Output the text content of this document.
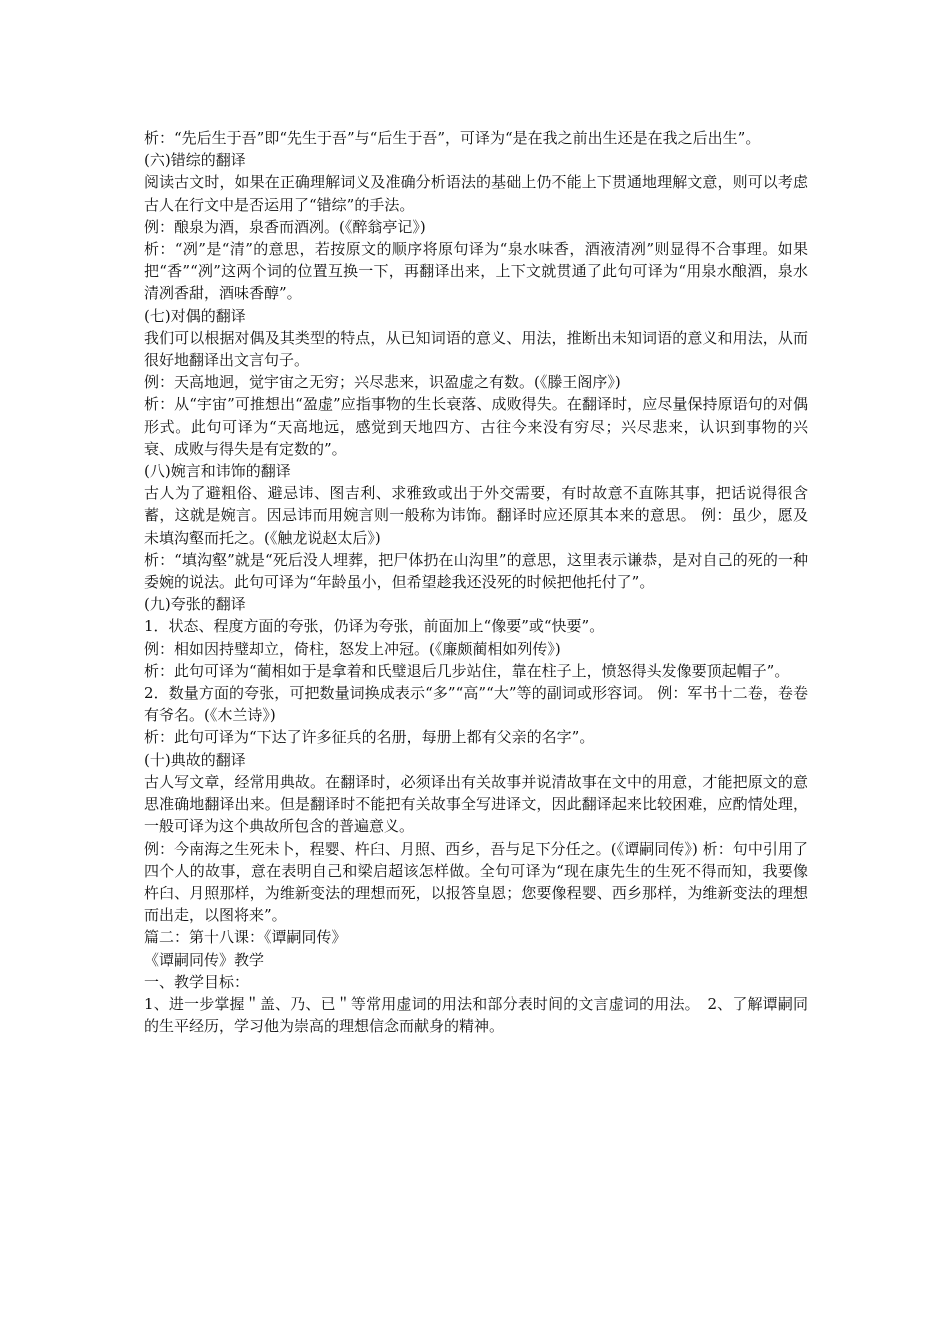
析：“先后生于吾”即“先生于吾”与“后生于吾”，可译为“是在我之前出生还是在我之后出生”。

(六)错综的翻译

阅读古文时，如果在正确理解词义及准确分析语法的基础上仍不能上下贯通地理解文意，则可以考虑古人在行文中是否运用了“错综”的手法。

例：酿泉为酒，泉香而酒冽。(《醉翁亭记》)

析：“冽”是“清”的意思，若按原文的顺序将原句译为“泉水味香，酒液清冽”则显得不合事理。如果把“香”“冽”这两个词的位置互换一下，再翻译出来，上下文就贯通了此句可译为“用泉水酿酒，泉水清冽香甜，酒味香醇”。

(七)对偶的翻译

我们可以根据对偶及其类型的特点，从已知词语的意义、用法，推断出未知词语的意义和用法，从而很好地翻译出文言句子。

例：天高地迥，觉宇宙之无穷；兴尽悲来，识盈虚之有数。(《滕王阁序》)

析：从“宇宙”可推想出“盈虚”应指事物的生长衰落、成败得失。在翻译时，应尽量保持原语句的对偶形式。此句可译为“天高地远，感觉到天地四方、古往今来没有穷尽；兴尽悲来，认识到事物的兴衰、成败与得失是有定数的”。

(八)婉言和讳饰的翻译

古人为了避粗俗、避忌讳、图吉利、求雅致或出于外交需要，有时故意不直陈其事，把话说得很含蓄，这就是婉言。因忌讳而用婉言则一般称为讳饰。翻译时应还原其本来的意思。 例：虽少，愿及未填沟壑而托之。(《触龙说赵太后》)

析：“填沟壑”就是“死后没人埋葬，把尸体扔在山沟里”的意思，这里表示谦恭，是对自己的死的一种委婉的说法。此句可译为“年龄虽小，但希望趁我还没死的时候把他托付了”。

(九)夸张的翻译

1．状态、程度方面的夸张，仍译为夸张，前面加上“像要”或“快要”。

例：相如因持璧却立，倚柱，怒发上冲冠。(《廉颇蔺相如列传》)

析：此句可译为“蔺相如于是拿着和氏璧退后几步站住，靠在柱子上，愤怒得头发像要顶起帽子”。

2．数量方面的夸张，可把数量词换成表示“多”“高”“大”等的副词或形容词。 例：军书十二卷，卷卷有爷名。(《木兰诗》)

析：此句可译为“下达了许多征兵的名册，每册上都有父亲的名字”。

(十)典故的翻译

古人写文章，经常用典故。在翻译时，必须译出有关故事并说清故事在文中的用意，才能把原文的意思准确地翻译出来。但是翻译时不能把有关故事全写进译文，因此翻译起来比较困难，应酌情处理，一般可译为这个典故所包含的普遍意义。

例：今南海之生死未卜，程婴、杵臼、月照、西乡，吾与足下分任之。(《谭嗣同传》) 析：句中引用了四个人的故事，意在表明自己和梁启超该怎样做。全句可译为“现在康先生的生死不得而知，我要像杵臼、月照那样，为维新变法的理想而死，以报答皇恩；您要像程婴、西乡那样，为维新变法的理想而出走，以图将来”。

篇二：第十八课：《谭嗣同传》

《谭嗣同传》教学

一、教学目标：

1、进一步掌握＂盖、乃、已＂等常用虚词的用法和部分表时间的文言虚词的用法。　2、了解谭嗣同的生平经历，学习他为崇高的理想信念而献身的精神。
